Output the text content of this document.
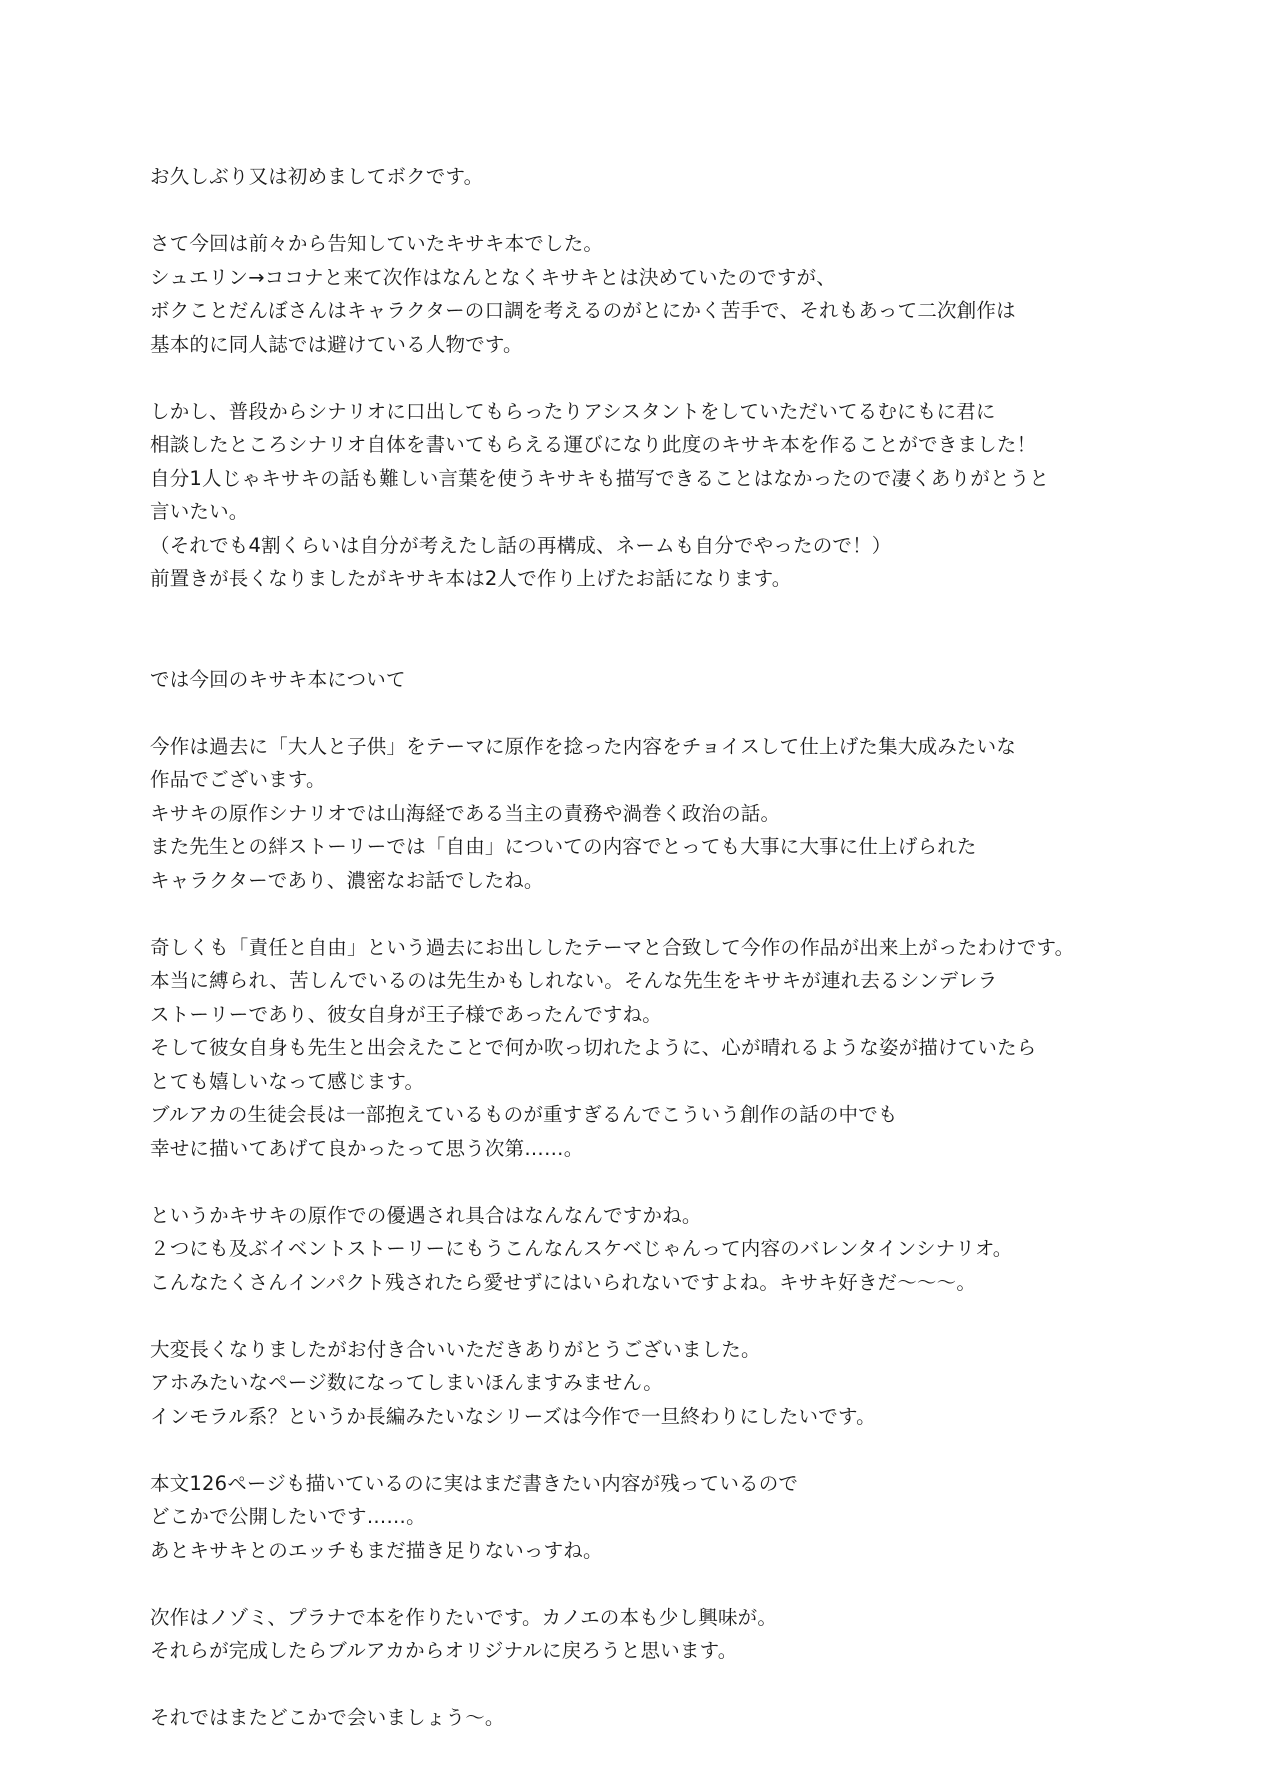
お久しぶり又は初めましてボクです。

さて今回は前々から告知していたキサキ本でした。
シュエリン→ココナと来て次作はなんとなくキサキとは決めていたのですが、
ボクことだんぼさんはキャラクターの口調を考えるのがとにかく苦手で、それもあって二次創作は
基本的に同人誌では避けている人物です。

しかし、普段からシナリオに口出してもらったりアシスタントをしていただいてるむにもに君に
相談したところシナリオ自体を書いてもらえる運びになり此度のキサキ本を作ることができました！
自分1人じゃキサキの話も難しい言葉を使うキサキも描写できることはなかったので凄くありがとうと
言いたい。
（それでも4割くらいは自分が考えたし話の再構成、ネームも自分でやったので！）
前置きが長くなりましたがキサキ本は2人で作り上げたお話になります。

では今回のキサキ本について

今作は過去に「大人と子供」をテーマに原作を捻った内容をチョイスして仕上げた集大成みたいな
作品でございます。
キサキの原作シナリオでは山海経である当主の責務や渦巻く政治の話。
また先生との絆ストーリーでは「自由」についての内容でとっても大事に大事に仕上げられた
キャラクターであり、濃密なお話でしたね。

奇しくも「責任と自由」という過去にお出ししたテーマと合致して今作の作品が出来上がったわけです。
本当に縛られ、苦しんでいるのは先生かもしれない。そんな先生をキサキが連れ去るシンデレラ
ストーリーであり、彼女自身が王子様であったんですね。
そして彼女自身も先生と出会えたことで何か吹っ切れたように、心が晴れるような姿が描けていたら
とても嬉しいなって感じます。
ブルアカの生徒会長は一部抱えているものが重すぎるんでこういう創作の話の中でも
幸せに描いてあげて良かったって思う次第……。

というかキサキの原作での優遇され具合はなんなんですかね。
２つにも及ぶイベントストーリーにもうこんなんスケベじゃんって内容のバレンタインシナリオ。
こんなたくさんインパクト残されたら愛せずにはいられないですよね。キサキ好きだ～～～。

大変長くなりましたがお付き合いいただきありがとうございました。
アホみたいなページ数になってしまいほんますみません。
インモラル系？というか長編みたいなシリーズは今作で一旦終わりにしたいです。

本文126ページも描いているのに実はまだ書きたい内容が残っているので
どこかで公開したいです……。
あとキサキとのエッチもまだ描き足りないっすね。

次作はノゾミ、プラナで本を作りたいです。カノエの本も少し興味が。
それらが完成したらブルアカからオリジナルに戻ろうと思います。

それではまたどこかで会いましょう～。
